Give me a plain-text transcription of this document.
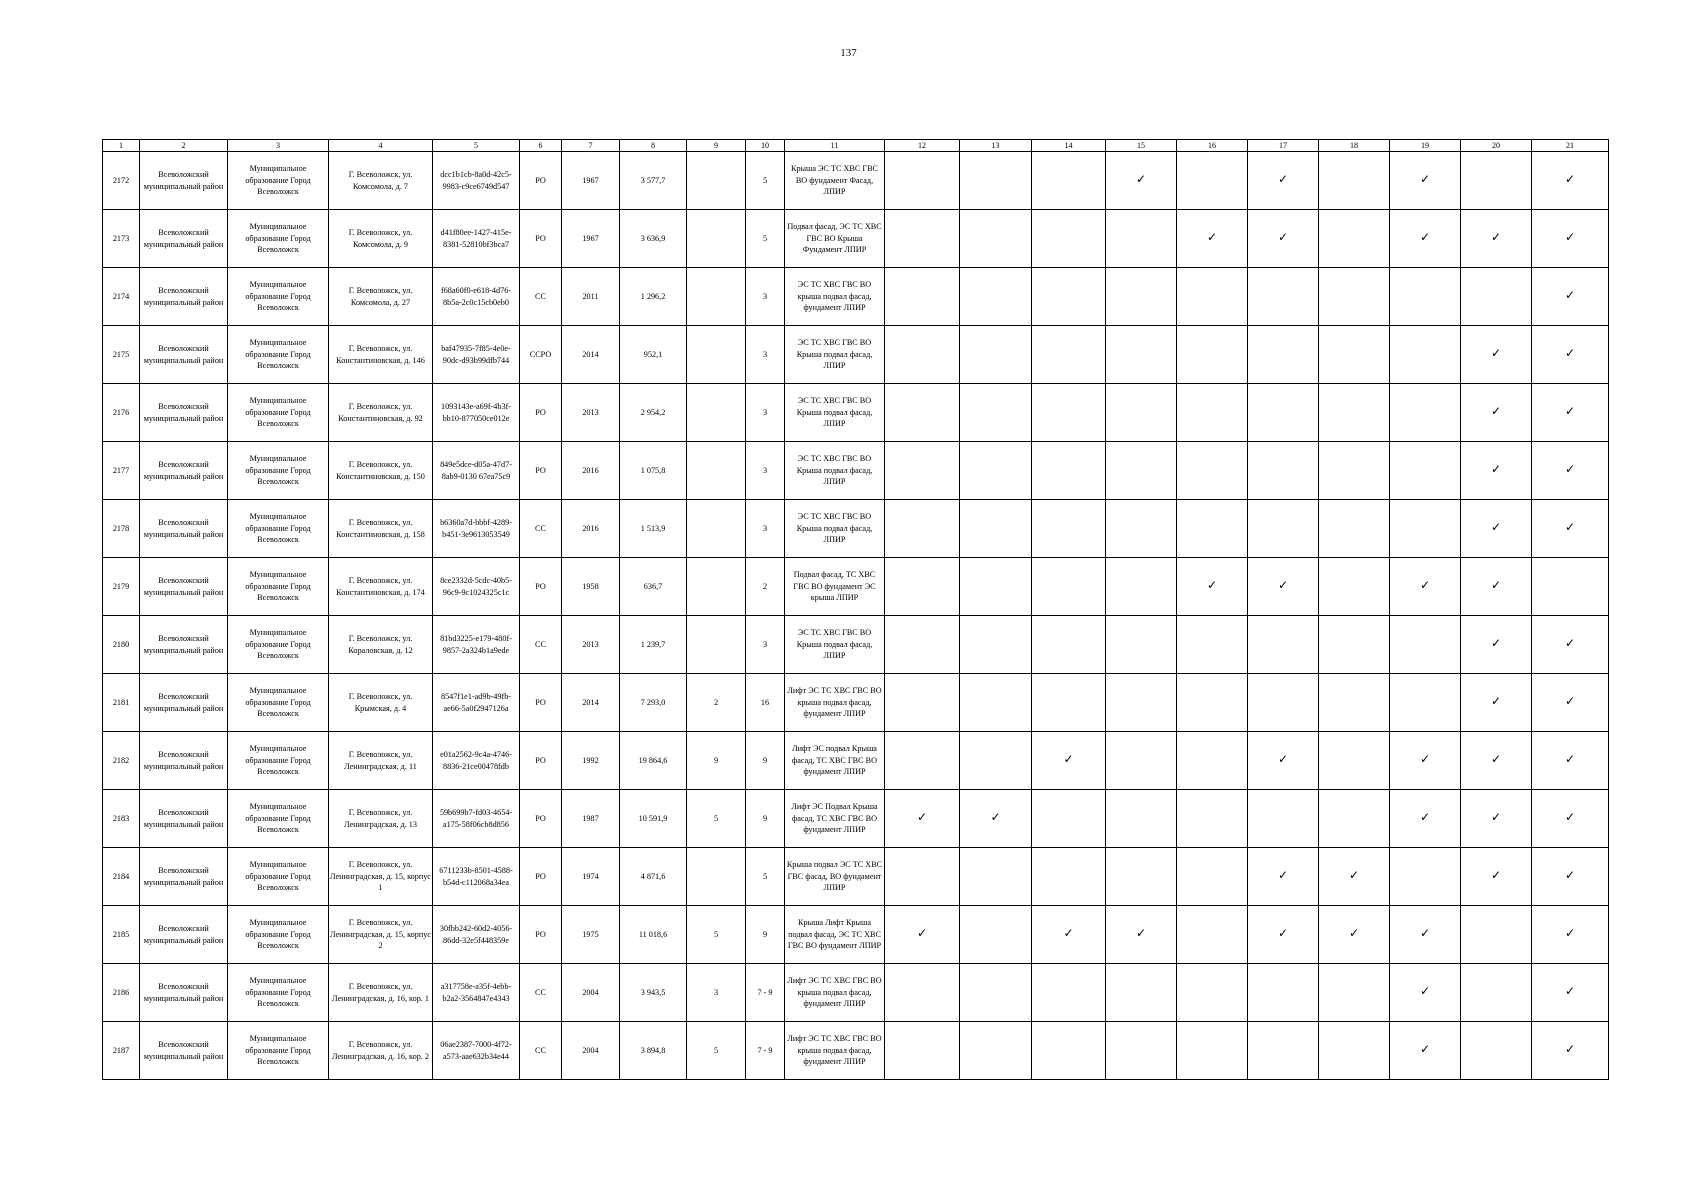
137
1	2	3	4	5	6	7	8	9	10	11	12	13	14	15	16	17	18	19	20	21
2172	Всеволожский муниципальный район	Муниципальное образование Город Всеволожск	Г. Всеволожск, ул. Комсомола, д. 7	dcc1b1cb-8a0d-42c5-9983-c9ce6749d547	РО	1967	3 577,7		5	Крыша ЭС ТС ХВС ГВС ВО фундамент Фасад, ЛПИР				✓		✓		✓		✓
2173	Всеволожский муниципальный район	Муниципальное образование Город Всеволожск	Г. Всеволожск, ул. Комсомола, д. 9	d41f80ee-1427-415e-8381-52810bf3bca7	РО	1967	3 636,9		5	Подвал фасад, ЭС ТС ХВС ГВС ВО Крыша Фундамент ЛПИР					✓	✓		✓	✓	✓
2174	Всеволожский муниципальный район	Муниципальное образование Город Всеволожск	Г. Всеволожск, ул. Комсомола, д. 27	f68a60f0-e618-4d76-8b5a-2c0c15cb0eb0	СС	2011	1 296,2		3	ЭС ТС ХВС ГВС ВО крыша подвал фасад, фундамент ЛПИР										✓
2175	Всеволожский муниципальный район	Муниципальное образование Город Всеволожск	Г. Всеволожск, ул. Константиновская, д. 146	baf47935-7f85-4e0e-90dc-d93b99dfb744	ССРО	2014	952,1		3	ЭС ТС ХВС ГВС ВО Крыша подвал фасад, ЛПИР									✓	✓
2176	Всеволожский муниципальный район	Муниципальное образование Город Всеволожск	Г. Всеволожск, ул. Константиновская, д. 92	1093143e-a69f-4b3f-bb10-877050ce012e	РО	2013	2 954,2		3	ЭС ТС ХВС ГВС ВО Крыша подвал фасад, ЛПИР									✓	✓
2177	Всеволожский муниципальный район	Муниципальное образование Город Всеволожск	Г. Всеволожск, ул. Константиновская, д. 150	849e5dce-d05a-47d7-8ab9-0130 67ea75c9	РО	2016	1 075,8		3	ЭС ТС ХВС ГВС ВО Крыша подвал фасад, ЛПИР									✓	✓
2178	Всеволожский муниципальный район	Муниципальное образование Город Всеволожск	Г. Всеволожск, ул. Константиновская, д. 158	b6360a7d-bbbf-4289-b451-3e9613053549	СС	2016	1 513,9		3	ЭС ТС ХВС ГВС ВО Крыша подвал фасад, ЛПИР									✓	✓
2179	Всеволожский муниципальный район	Муниципальное образование Город Всеволожск	Г. Всеволожск, ул. Константиновская, д. 174	8ce2332d-5cdc-40b5-96c9-9c1024325c1c	РО	1958	636,7		2	Подвал фасад, ТС ХВС ГВС ВО фундамент ЭС крыша ЛПИР					✓	✓		✓	✓	
2180	Всеволожский муниципальный район	Муниципальное образование Город Всеволожск	Г. Всеволожск, ул. Кораловская, д. 12	81bd3225-e179-480f-9857-2a324b1a9ede	СС	2013	1 239,7		3	ЭС ТС ХВС ГВС ВО Крыша подвал фасад, ЛПИР									✓	✓
2181	Всеволожский муниципальный район	Муниципальное образование Город Всеволожск	Г. Всеволожск, ул. Крымская, д. 4	8547f1e1-ad9b-49fb-ae66-5a0f2947126a	РО	2014	7 293,0	2	16	Лифт ЭС ТС ХВС ГВС ВО крыша подвал фасад, фундамент ЛПИР									✓	✓
2182	Всеволожский муниципальный район	Муниципальное образование Город Всеволожск	Г. Всеволожск, ул. Ленинградская, д. 11	e01a2562-9c4a-4746-8836-21ce00478fdb	РО	1992	19 864,6	9	9	Лифт ЭС подвал Крыша фасад, ТС ХВС ГВС ВО фундамент ЛПИР			✓			✓		✓	✓	✓
2183	Всеволожский муниципальный район	Муниципальное образование Город Всеволожск	Г. Всеволожск, ул. Ленинградская, д. 13	59b699b7-fd03-4654-a175-58f06cb8d856	РО	1987	10 591,9	5	9	Лифт ЭС Подвал Крыша фасад, ТС ХВС ГВС ВО фундамент ЛПИР	✓	✓						✓	✓	✓
2184	Всеволожский муниципальный район	Муниципальное образование Город Всеволожск	Г. Всеволожск, ул. Ленинградская, д. 15, корпус 1	6711233b-8501-4588-b54d-c112068a34ea	РО	1974	4 871,6		5	Крыша подвал ЭС ТС ХВС ГВС фасад, ВО фундамент ЛПИР						✓	✓		✓	✓
2185	Всеволожский муниципальный район	Муниципальное образование Город Всеволожск	Г. Всеволожск, ул. Ленинградская, д. 15, корпус 2	30fbb242-60d2-4056-86dd-32e5f448359e	РО	1975	11 018,6	5	9	Крыша Лифт Крыша подвал фасад, ЭС ТС ХВС ГВС ВО фундамент ЛПИР	✓		✓	✓		✓	✓	✓		✓
2186	Всеволожский муниципальный район	Муниципальное образование Город Всеволожск	Г. Всеволожск, ул. Ленинградская, д. 16, кор. 1	a317758e-a35f-4ebb-b2a2-3564847e4343	СС	2004	3 943,5	3	7 - 9	Лифт ЭС ТС ХВС ГВС ВО крыша подвал фасад, фундамент ЛПИР								✓		✓
2187	Всеволожский муниципальный район	Муниципальное образование Город Всеволожск	Г. Всеволожск, ул. Ленинградская, д. 16, кор. 2	06ae2387-7000-4f72-a573-aae632b34e44	СС	2004	3 894,8	5	7 - 9	Лифт ЭС ТС ХВС ГВС ВО крыша подвал фасад, фундамент ЛПИР								✓		✓
